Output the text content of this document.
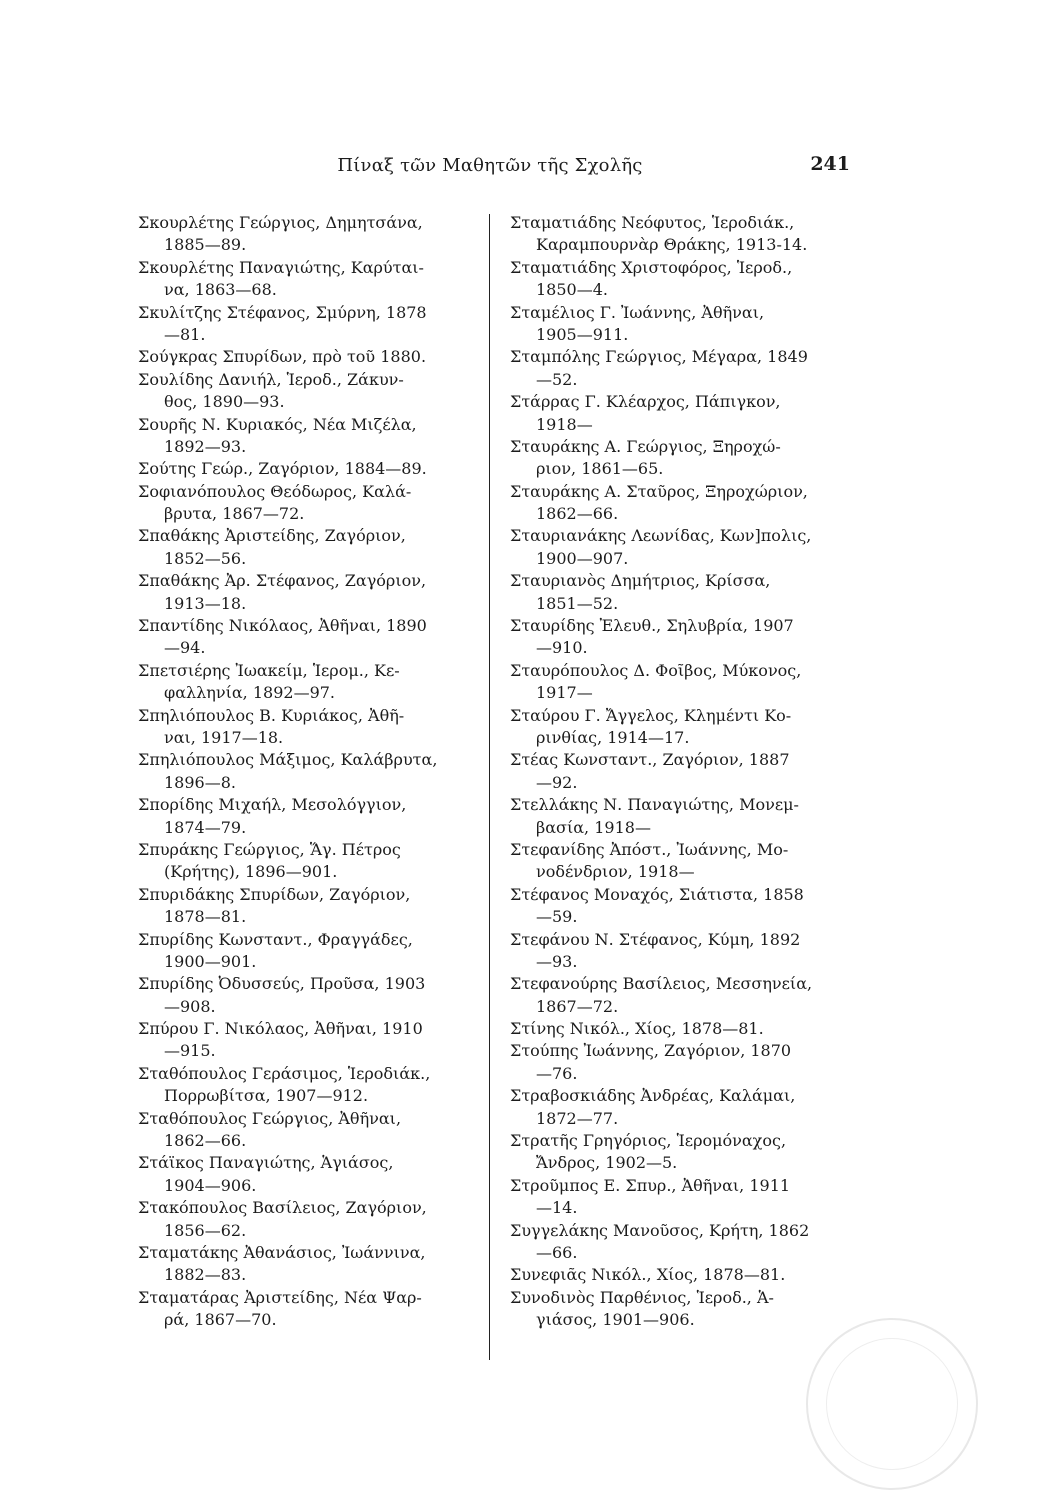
Πίναξ τῶν Μαθητῶν τῆς Σχολῆς	241
Σκουρλέτης Γεώργιος, Δημητσάνα,
1885—89.
Σκουρλέτης Παναγιώτης, Καρύται-
να, 1863—68.
Σκυλίτζης Στέφανος, Σμύρνη, 1878
—81.
Σούγκρας Σπυρίδων, πρὸ τοῦ 1880.
Σουλίδης Δανιήλ, Ἱεροδ., Ζάκυν-
θος, 1890—93.
Σουρῆς Ν. Κυριακός, Νέα Μιζέλα,
1892—93.
Σούτης Γεώρ., Ζαγόριον, 1884—89.
Σοφιανόπουλος Θεόδωρος, Καλά-
βρυτα, 1867—72.
Σπαθάκης Ἀριστείδης, Ζαγόριον,
1852—56.
Σπαθάκης Ἀρ. Στέφανος, Ζαγόριον,
1913—18.
Σπαντίδης Νικόλαος, Ἀθῆναι, 1890
—94.
Σπετσιέρης Ἰωακείμ, Ἱερομ., Κε-
φαλληνία, 1892—97.
Σπηλιόπουλος Β. Κυριάκος, Ἀθῆ-
ναι, 1917—18.
Σπηλιόπουλος Μάξιμος, Καλάβρυτα,
1896—8.
Σπορίδης Μιχαήλ, Μεσολόγγιον,
1874—79.
Σπυράκης Γεώργιος, Ἅγ. Πέτρος
(Κρήτης), 1896—901.
Σπυριδάκης Σπυρίδων, Ζαγόριον,
1878—81.
Σπυρίδης Κωνσταντ., Φραγγάδες,
1900—901.
Σπυρίδης Ὀδυσσεύς, Προῦσα, 1903
—908.
Σπύρου Γ. Νικόλαος, Ἀθῆναι, 1910
—915.
Σταθόπουλος Γεράσιμος, Ἱεροδιάκ.,
Πορρωβίτσα, 1907—912.
Σταθόπουλος Γεώργιος, Ἀθῆναι,
1862—66.
Στάϊκος Παναγιώτης, Ἁγιάσος,
1904—906.
Στακόπουλος Βασίλειος, Ζαγόριον,
1856—62.
Σταματάκης Ἀθανάσιος, Ἰωάννινα,
1882—83.
Σταματάρας Ἀριστείδης, Νέα Ψαρ-
ρά, 1867—70.
Σταματιάδης Νεόφυτος, Ἱεροδιάκ.,
Καραμπουρνὰρ Θράκης, 1913-14.
Σταματιάδης Χριστοφόρος, Ἱεροδ.,
1850—4.
Σταμέλιος Γ. Ἰωάννης, Ἀθῆναι,
1905—911.
Σταμπόλης Γεώργιος, Μέγαρα, 1849
—52.
Στάρρας Γ. Κλέαρχος, Πάπιγκον,
1918—
Σταυράκης Α. Γεώργιος, Ξηροχώ-
ριον, 1861—65.
Σταυράκης Α. Σταῦρος, Ξηροχώριον,
1862—66.
Σταυριανάκης Λεωνίδας, Κων]πολις,
1900—907.
Σταυριανὸς Δημήτριος, Κρίσσα,
1851—52.
Σταυρίδης Ἐλευθ., Σηλυβρία, 1907
—910.
Σταυρόπουλος Δ. Φοῖβος, Μύκονος,
1917—
Σταύρου Γ. Ἄγγελος, Κλημέντι Κο-
ρινθίας, 1914—17.
Στέας Κωνσταντ., Ζαγόριον, 1887
—92.
Στελλάκης Ν. Παναγιώτης, Μονεμ-
βασία, 1918—
Στεφανίδης Ἀπόστ., Ἰωάννης, Μο-
νοδένδριον, 1918—
Στέφανος Μοναχός, Σιάτιστα, 1858
—59.
Στεφάνου Ν. Στέφανος, Κύμη, 1892
—93.
Στεφανούρης Βασίλειος, Μεσσηνεία,
1867—72.
Στίνης Νικόλ., Χίος, 1878—81.
Στούπης Ἰωάννης, Ζαγόριον, 1870
—76.
Στραβοσκιάδης Ἀνδρέας, Καλάμαι,
1872—77.
Στρατῆς Γρηγόριος, Ἱερομόναχος,
Ἄνδρος, 1902—5.
Στροῦμπος Ε. Σπυρ., Ἀθῆναι, 1911
—14.
Συγγελάκης Μανοῦσος, Κρήτη, 1862
—66.
Συνεφιᾶς Νικόλ., Χίος, 1878—81.
Συνοδινὸς Παρθένιος, Ἱεροδ., Ἁ-
γιάσος, 1901—906.
